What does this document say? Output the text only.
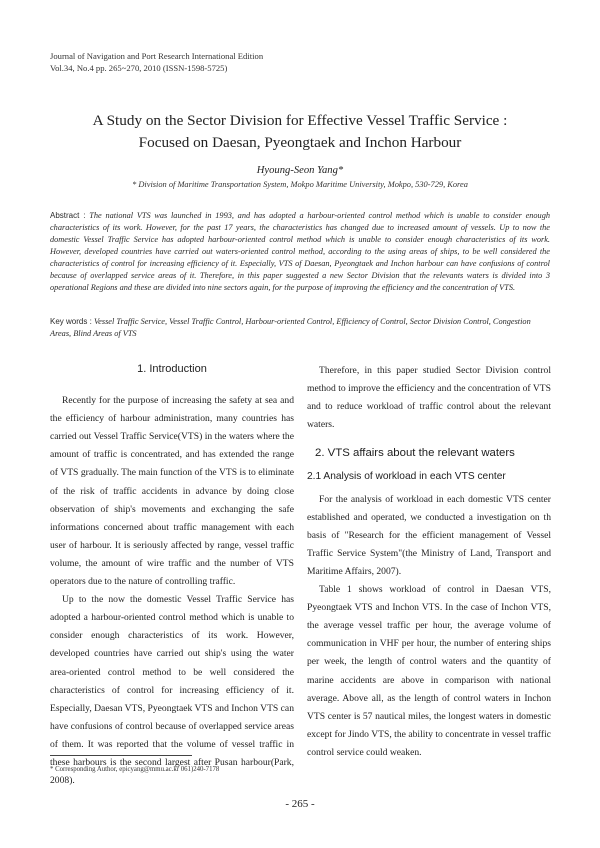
Journal of Navigation and Port Research International Edition
Vol.34, No.4 pp. 265~270, 2010 (ISSN-1598-5725)
A Study on the Sector Division for Effective Vessel Traffic Service :
Focused on Daesan, Pyeongtaek and Inchon Harbour
Hyoung-Seon Yang*
* Division of Maritime Transportation System, Mokpo Maritime University, Mokpo, 530-729, Korea
Abstract : The national VTS was launched in 1993, and has adopted a harbour-oriented control method which is unable to consider enough characteristics of its work. However, for the past 17 years, the characteristics has changed due to increased amount of vessels. Up to now the domestic Vessel Traffic Service has adopted harbour-oriented control method which is unable to consider enough characteristics of its work. However, developed countries have carried out waters-oriented control method, according to the using areas of ships, to be well considered the characteristics of control for increasing efficiency of it. Especially, VTS of Daesan, Pyeongtaek and Inchon harbour can have confusions of control because of overlapped service areas of it. Therefore, in this paper suggested a new Sector Division that the relevants waters is divided into 3 operational Regions and these are divided into nine sectors again, for the purpose of improving the efficiency and the concentration of VTS.
Key words : Vessel Traffic Service, Vessel Traffic Control, Harbour-oriented Control, Efficiency of Control, Sector Division Control, Congestion Areas, Blind Areas of VTS
1. Introduction

Recently for the purpose of increasing the safety at sea and the efficiency of harbour administration, many countries has carried out Vessel Traffic Service(VTS) in the waters where the amount of traffic is concentrated, and has extended the range of VTS gradually. The main function of the VTS is to eliminate of the risk of traffic accidents in advance by doing close observation of ship's movements and exchanging the safe informations concerned about traffic management with each user of harbour. It is seriously affected by range, vessel traffic volume, the amount of wire traffic and the number of VTS operators due to the nature of controlling traffic.

Up to the now the domestic Vessel Traffic Service has adopted a harbour-oriented control method which is unable to consider enough characteristics of its work. However, developed countries have carried out ship's using the water area-oriented control method to be well considered the characteristics of control for increasing efficiency of it. Especially, Daesan VTS, Pyeongtaek VTS and Inchon VTS can have confusions of control because of overlapped service areas of them. It was reported that the volume of vessel traffic in these harbours is the second largest after Pusan harbour(Park, 2008).

Therefore, in this paper studied Sector Division control method to improve the efficiency and the concentration of VTS and to reduce workload of traffic control about the relevant waters.

2. VTS affairs about the relevant waters
2.1 Analysis of workload in each VTS center

For the analysis of workload in each domestic VTS center established and operated, we conducted a investigation on th basis of "Research for the efficient management of Vessel Traffic Service System"(the Ministry of Land, Transport and Maritime Affairs, 2007).

Table 1 shows workload of control in Daesan VTS, Pyeongtaek VTS and Inchon VTS. In the case of Inchon VTS, the average vessel traffic per hour, the average volume of communication in VHF per hour, the number of entering ships per week, the length of control waters and the quantity of marine accidents are above in comparison with national average. Above all, as the length of control waters in Inchon VTS center is 57 nautical miles, the longest waters in domestic except for Jindo VTS, the ability to concentrate in vessel traffic control service could weaken.

* Corresponding Author, epicyang@mmu.ac.kr 061)240-7178
- 265 -
